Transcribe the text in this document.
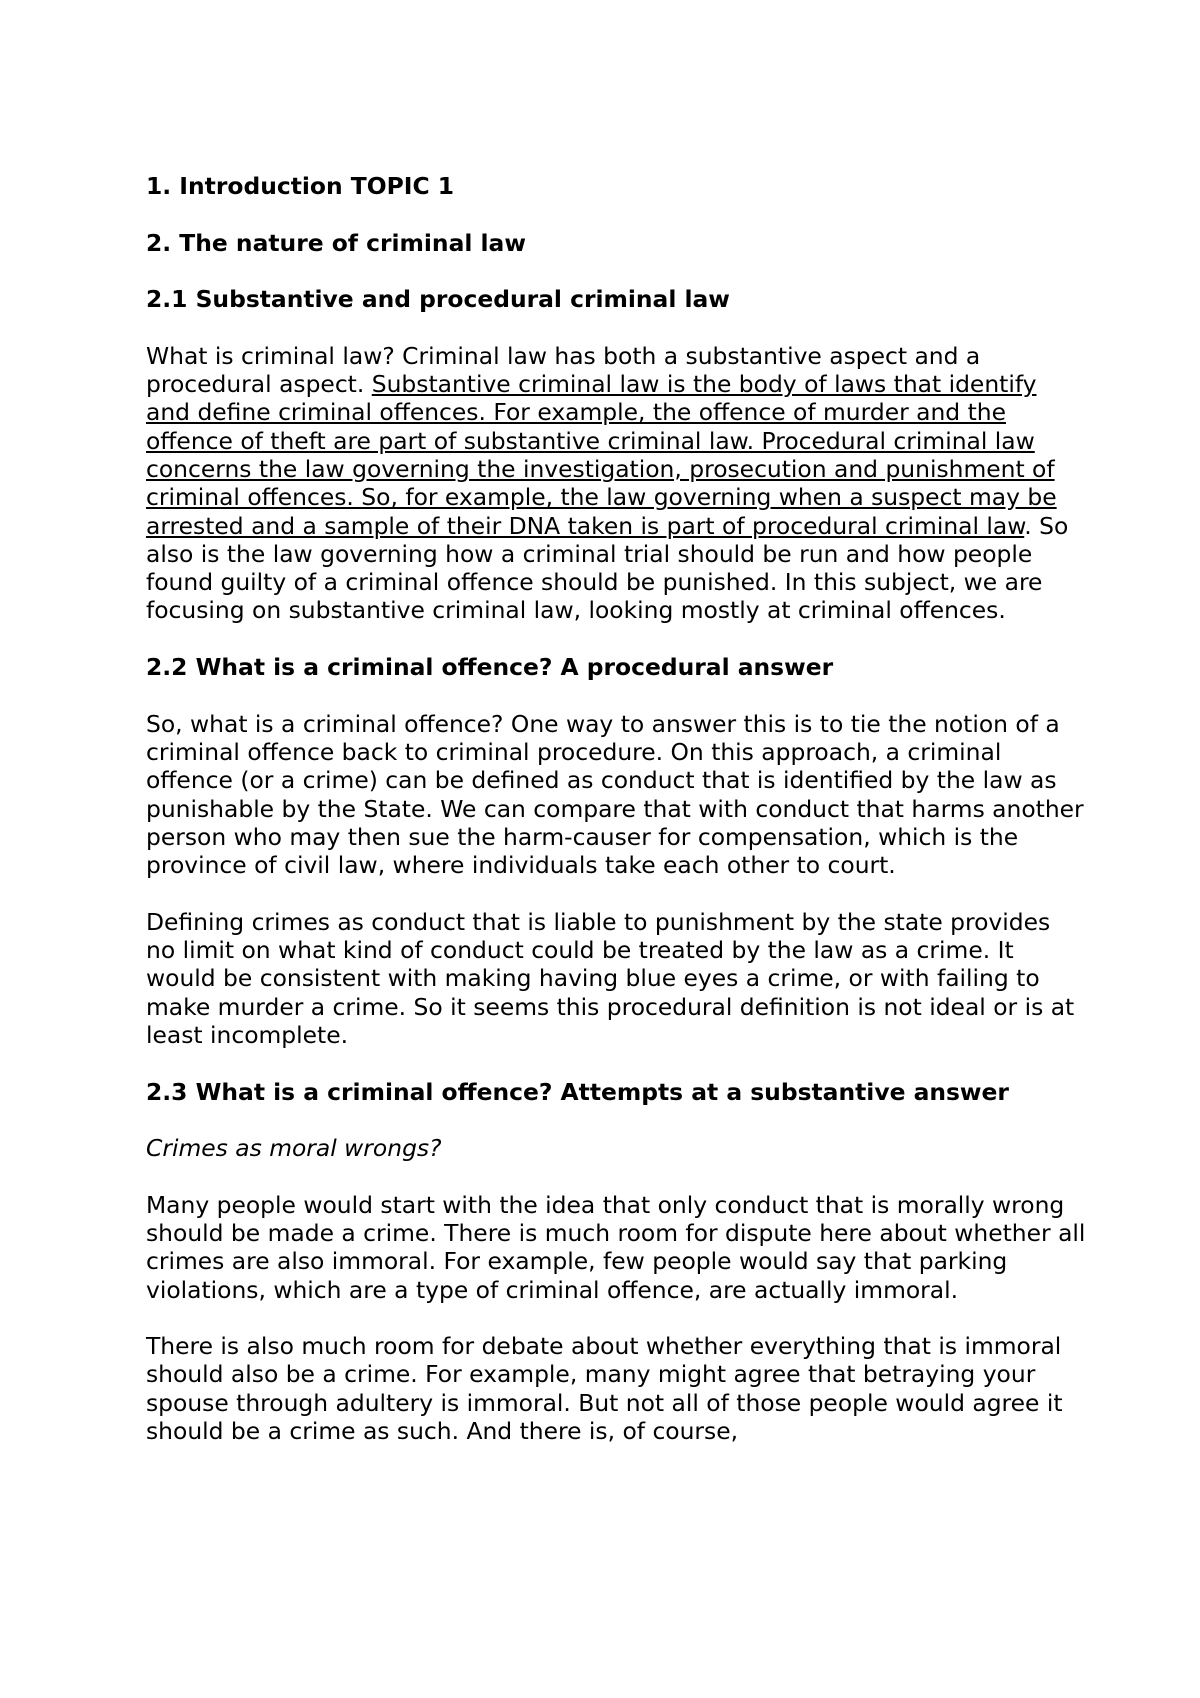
1. Introduction TOPIC 1
2. The nature of criminal law
2.1 Substantive and procedural criminal law

What is criminal law? Criminal law has both a substantive aspect and a procedural aspect. Substantive criminal law is the body of laws that identify and define criminal offences. For example, the offence of murder and the offence of theft are part of substantive criminal law. Procedural criminal law concerns the law governing the investigation, prosecution and punishment of criminal offences. So, for example, the law governing when a suspect may be arrested and a sample of their DNA taken is part of procedural criminal law. So also is the law governing how a criminal trial should be run and how people found guilty of a criminal offence should be punished. In this subject, we are focusing on substantive criminal law, looking mostly at criminal offences.

2.2 What is a criminal offence? A procedural answer

So, what is a criminal offence? One way to answer this is to tie the notion of a criminal offence back to criminal procedure. On this approach, a criminal offence (or a crime) can be defined as conduct that is identified by the law as punishable by the State. We can compare that with conduct that harms another person who may then sue the harm-causer for compensation, which is the province of civil law, where individuals take each other to court.

Defining crimes as conduct that is liable to punishment by the state provides no limit on what kind of conduct could be treated by the law as a crime. It would be consistent with making having blue eyes a crime, or with failing to make murder a crime. So it seems this procedural definition is not ideal or is at least incomplete.

2.3 What is a criminal offence? Attempts at a substantive answer
Crimes as moral wrongs?

Many people would start with the idea that only conduct that is morally wrong should be made a crime. There is much room for dispute here about whether all crimes are also immoral. For example, few people would say that parking violations, which are a type of criminal offence, are actually immoral.

There is also much room for debate about whether everything that is immoral should also be a crime. For example, many might agree that betraying your spouse through adultery is immoral. But not all of those people would agree it should be a crime as such. And there is, of course,
